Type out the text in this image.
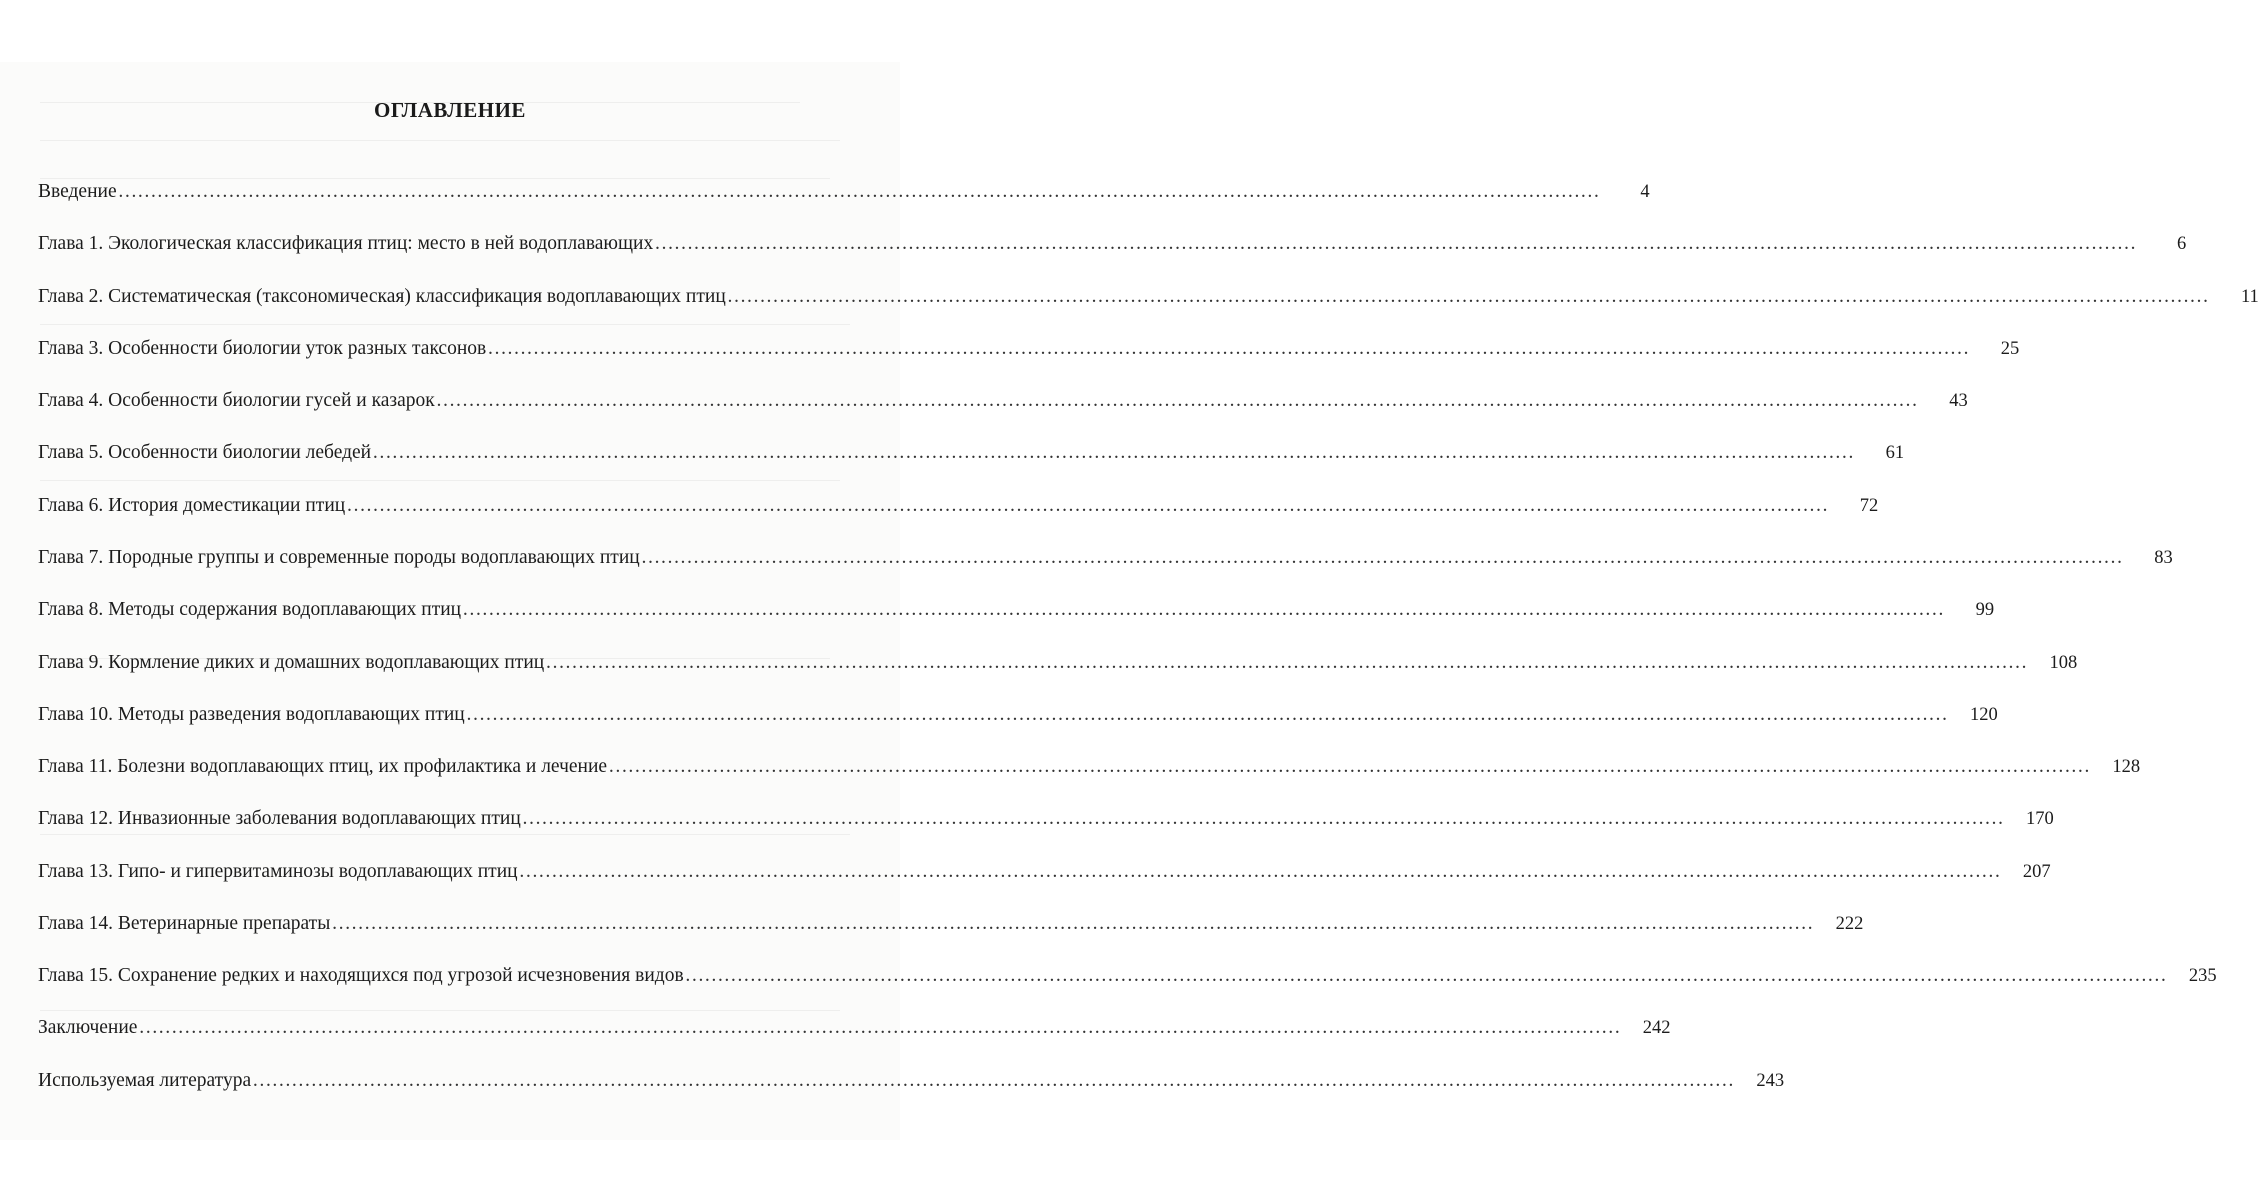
ОГЛАВЛЕНИЕ
Введение …………………………………………………………………………………………………………………………………………………………………………………………………………	4
Глава 1. Экологическая классификация птиц: место в ней водоплавающих …………………………………………………………………………………………………………………………………………………………………………………………………………	6
Глава 2. Систематическая (таксономическая) классификация водоплавающих птиц …………………………………………………………………………………………………………………………………………………………………………………………………………	11
Глава 3. Особенности биологии уток разных таксонов …………………………………………………………………………………………………………………………………………………………………………………………………………	25
Глава 4. Особенности биологии гусей и казарок …………………………………………………………………………………………………………………………………………………………………………………………………………	43
Глава 5. Особенности биологии лебедей …………………………………………………………………………………………………………………………………………………………………………………………………………	61
Глава 6. История доместикации птиц …………………………………………………………………………………………………………………………………………………………………………………………………………	72
Глава 7. Породные группы и современные породы водоплавающих птиц …………………………………………………………………………………………………………………………………………………………………………………………………………	83
Глава 8. Методы содержания водоплавающих птиц …………………………………………………………………………………………………………………………………………………………………………………………………………	99
Глава 9. Кормление диких и домашних водоплавающих птиц …………………………………………………………………………………………………………………………………………………………………………………………………………	108
Глава 10. Методы разведения водоплавающих птиц …………………………………………………………………………………………………………………………………………………………………………………………………………	120
Глава 11. Болезни водоплавающих птиц, их профилактика и лечение …………………………………………………………………………………………………………………………………………………………………………………………………………	128
Глава 12. Инвазионные заболевания водоплавающих птиц …………………………………………………………………………………………………………………………………………………………………………………………………………	170
Глава 13. Гипо- и гипервитаминозы водоплавающих птиц …………………………………………………………………………………………………………………………………………………………………………………………………………	207
Глава 14. Ветеринарные препараты …………………………………………………………………………………………………………………………………………………………………………………………………………	222
Глава 15. Сохранение редких и находящихся под угрозой исчезновения видов …………………………………………………………………………………………………………………………………………………………………………………………………………	235
Заключение …………………………………………………………………………………………………………………………………………………………………………………………………………	242
Используемая литература …………………………………………………………………………………………………………………………………………………………………………………………………………	243
